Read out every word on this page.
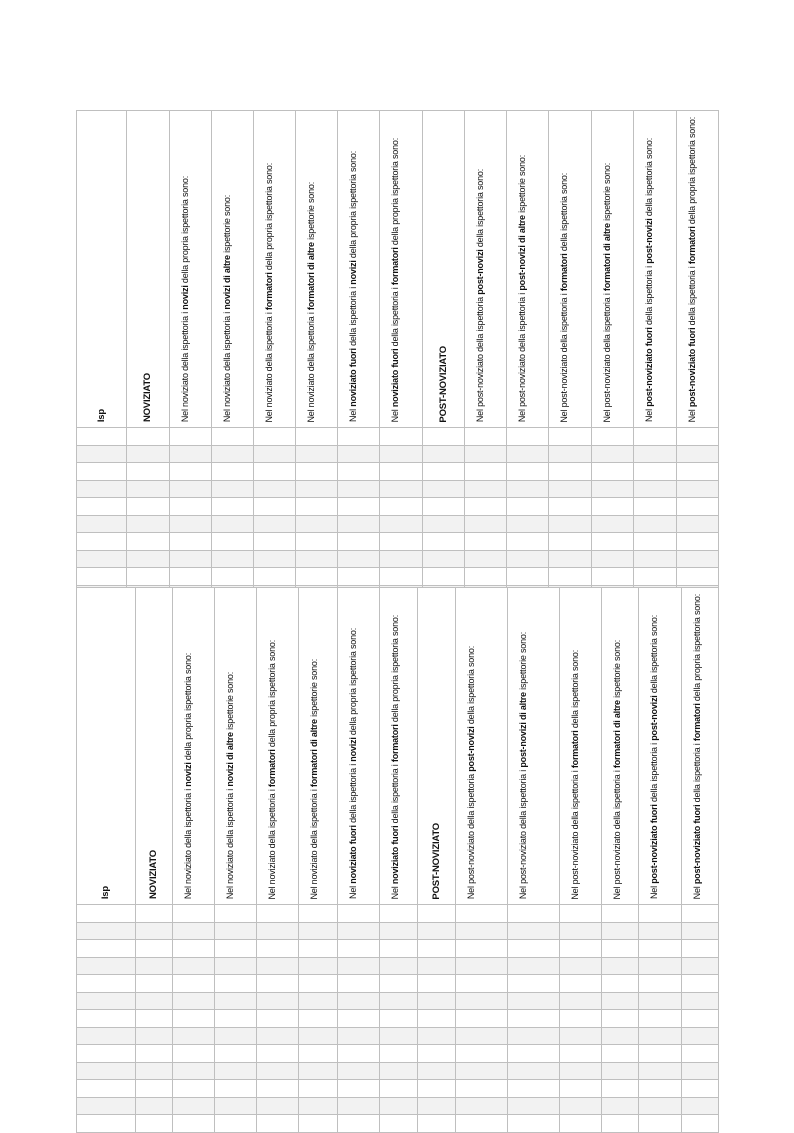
Isp	NOVIZIATO	Nel noviziato della ispettoria i novizi della propria ispettoria sono:	Nel noviziato della ispettoria i novizi di altre ispettorie sono:	Nel noviziato della ispettoria i formatori della propria ispettoria sono:	Nel noviziato della ispettoria i formatori di altre ispettorie sono:	Nel noviziato fuori della ispettoria i novizi della propria ispettoria sono:	Nel noviziato fuori della ispettoria i formatori della propria ispettoria sono:	POST-NOVIZIATO	Nel post-noviziato della ispettoria post-novizi della ispettoria sono:	Nel post-noviziato della ispettoria i post-novizi di altre ispettorie sono:	Nel post-noviziato della ispettoria i formatori della ispettoria sono:	Nel post-noviziato della ispettoria i formatori di altre ispettorie sono:	Nel post-noviziato fuori della ispettoria i post-novizi della ispettoria sono:	Nel post-noviziato fuori della ispettoria i formatori della propria ispettoria sono:

Isp	NOVIZIATO	Nel noviziato della ispettoria i novizi della propria ispettoria sono:	Nel noviziato della ispettoria i novizi di altre ispettorie sono:	Nel noviziato della ispettoria i formatori della propria ispettoria sono:	Nel noviziato della ispettoria i formatori di altre ispettorie sono:	Nel noviziato fuori della ispettoria i novizi della propria ispettoria sono:	Nel noviziato fuori della ispettoria i formatori della propria ispettoria sono:	POST-NOVIZIATO	Nel post-noviziato della ispettoria post-novizi della ispettoria sono:	Nel post-noviziato della ispettoria i post-novizi di altre ispettorie sono:	Nel post-noviziato della ispettoria i formatori della ispettoria sono:	Nel post-noviziato della ispettoria i formatori di altre ispettorie sono:	Nel post-noviziato fuori della ispettoria i post-novizi della ispettoria sono:	Nel post-noviziato fuori della ispettoria i formatori della propria ispettoria sono:
